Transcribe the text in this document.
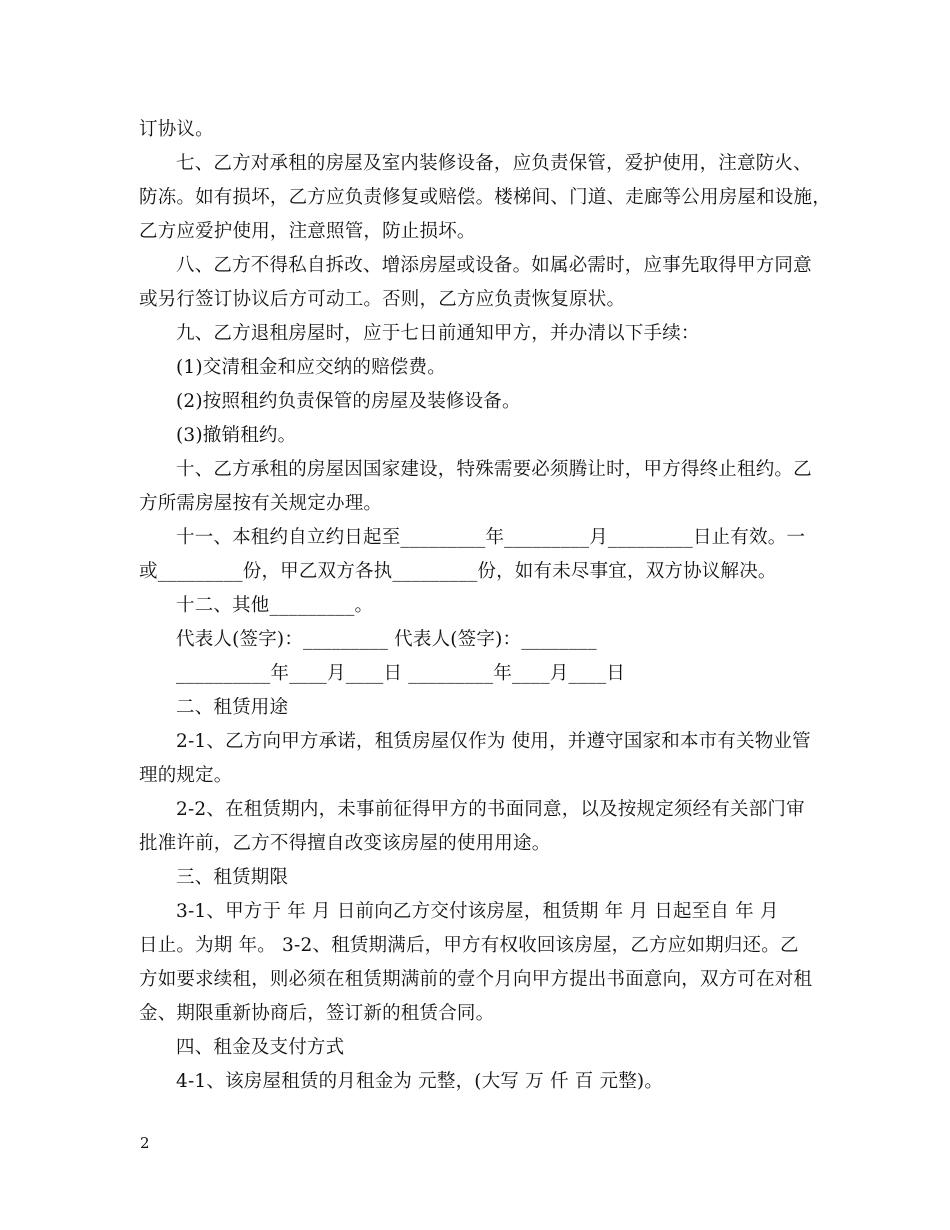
订协议。
七、乙方对承租的房屋及室内装修设备，应负责保管，爱护使用，注意防火、
防冻。如有损坏，乙方应负责修复或赔偿。楼梯间、门道、走廊等公用房屋和设施，
乙方应爱护使用，注意照管，防止损坏。
八、乙方不得私自拆改、增添房屋或设备。如属必需时，应事先取得甲方同意
或另行签订协议后方可动工。否则，乙方应负责恢复原状。
九、乙方退租房屋时，应于七日前通知甲方，并办清以下手续：
(1)交清租金和应交纳的赔偿费。
(2)按照租约负责保管的房屋及装修设备。
(3)撤销租约。
十、乙方承租的房屋因国家建设，特殊需要必须腾让时，甲方得终止租约。乙
方所需房屋按有关规定办理。
十一、本租约自立约日起至_________年_________月_________日止有效。一
或_________份，甲乙双方各执_________份，如有未尽事宜，双方协议解决。
十二、其他_________。
代表人(签字)：_________ 代表人(签字)：________
__________年____月____日 _________年____月____日
二、租赁用途
2-1、乙方向甲方承诺，租赁房屋仅作为 使用，并遵守国家和本市有关物业管
理的规定。
2-2、在租赁期内，未事前征得甲方的书面同意，以及按规定须经有关部门审
批准许前，乙方不得擅自改变该房屋的使用用途。
三、租赁期限
3-1、甲方于 年 月 日前向乙方交付该房屋，租赁期 年 月 日起至自 年 月
日止。为期 年。 3-2、租赁期满后，甲方有权收回该房屋，乙方应如期归还。乙
方如要求续租，则必须在租赁期满前的壹个月向甲方提出书面意向，双方可在对租
金、期限重新协商后，签订新的租赁合同。
四、租金及支付方式
4-1、该房屋租赁的月租金为 元整，(大写 万 仟 百 元整)。
2
